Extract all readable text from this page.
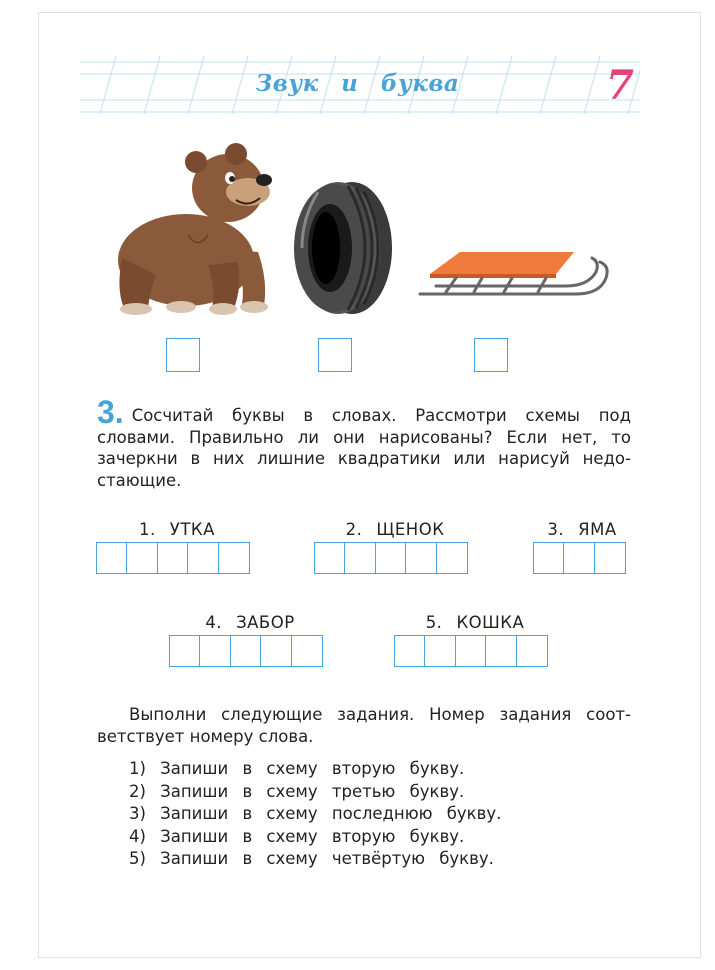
Звук и буква	7
3. Сосчитай буквы в словах. Рассмотри схемы под словами. Правильно ли они нарисованы? Если нет, то зачеркни в них лишние квадратики или нарисуй недо-стающие.
1. УТКА	2. ЩЕНОК	3. ЯМА
4. ЗАБОР	5. КОШКА

Выполни следующие задания. Номер задания соот-ветствует номеру слова.

1) Запиши в схему вторую букву.
2) Запиши в схему третью букву.
3) Запиши в схему последнюю букву.
4) Запиши в схему вторую букву.
5) Запиши в схему четвёртую букву.
